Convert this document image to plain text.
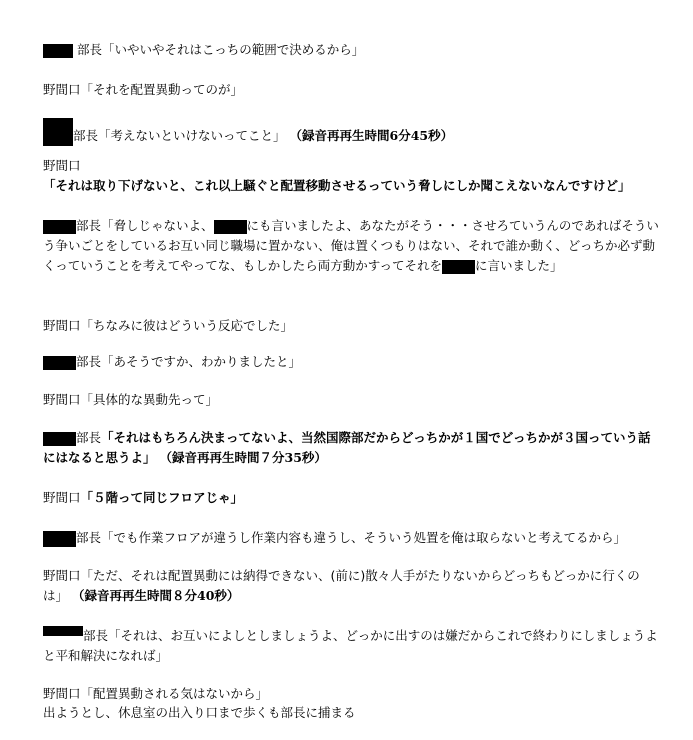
部長「いやいやそれはこっちの範囲で決めるから」

野間口「それを配置異動ってのが」

部長「考えないといけないってこと」 （録音再再生時間6分45秒）

野間口「それは取り下げないと、これ以上騒ぐと配置移動させるっていう脅しにしか聞こえないなんですけど」

部長「脅しじゃないよ、	にも言いましたよ、あなたがそう・・・させろていうんのであればそういう争いごとをしているお互い同じ職場に置かない、俺は置くつもりはない、それで誰か動く、どっちか必ず動くっていうことを考えてやってな、もしかしたら両方動かすってそれを	に言いました」

野間口「ちなみに彼はどういう反応でした」

部長「あそうですか、わかりましたと」

野間口「具体的な異動先って」

部長「それはもちろん決まってないよ、当然国際部だからどっちかが１国でどっちかが３国っていう話にはなると思うよ」 （録音再再生時間７分35秒）

野間口「５階って同じフロアじゃ」

部長「でも作業フロアが違うし作業内容も違うし、そういう処置を俺は取らないと考えてるから」

野間口「ただ、それは配置異動には納得できない、(前に)散々人手がたりないからどっちもどっかに行くのは」 （録音再再生時間８分40秒）

部長「それは、お互いによしとしましょうよ、どっかに出すのは嫌だからこれで終わりにしましょうよと平和解決になれば」

野間口「配置異動される気はないから」

出ようとし、休息室の出入り口まで歩くも部長に捕まる
